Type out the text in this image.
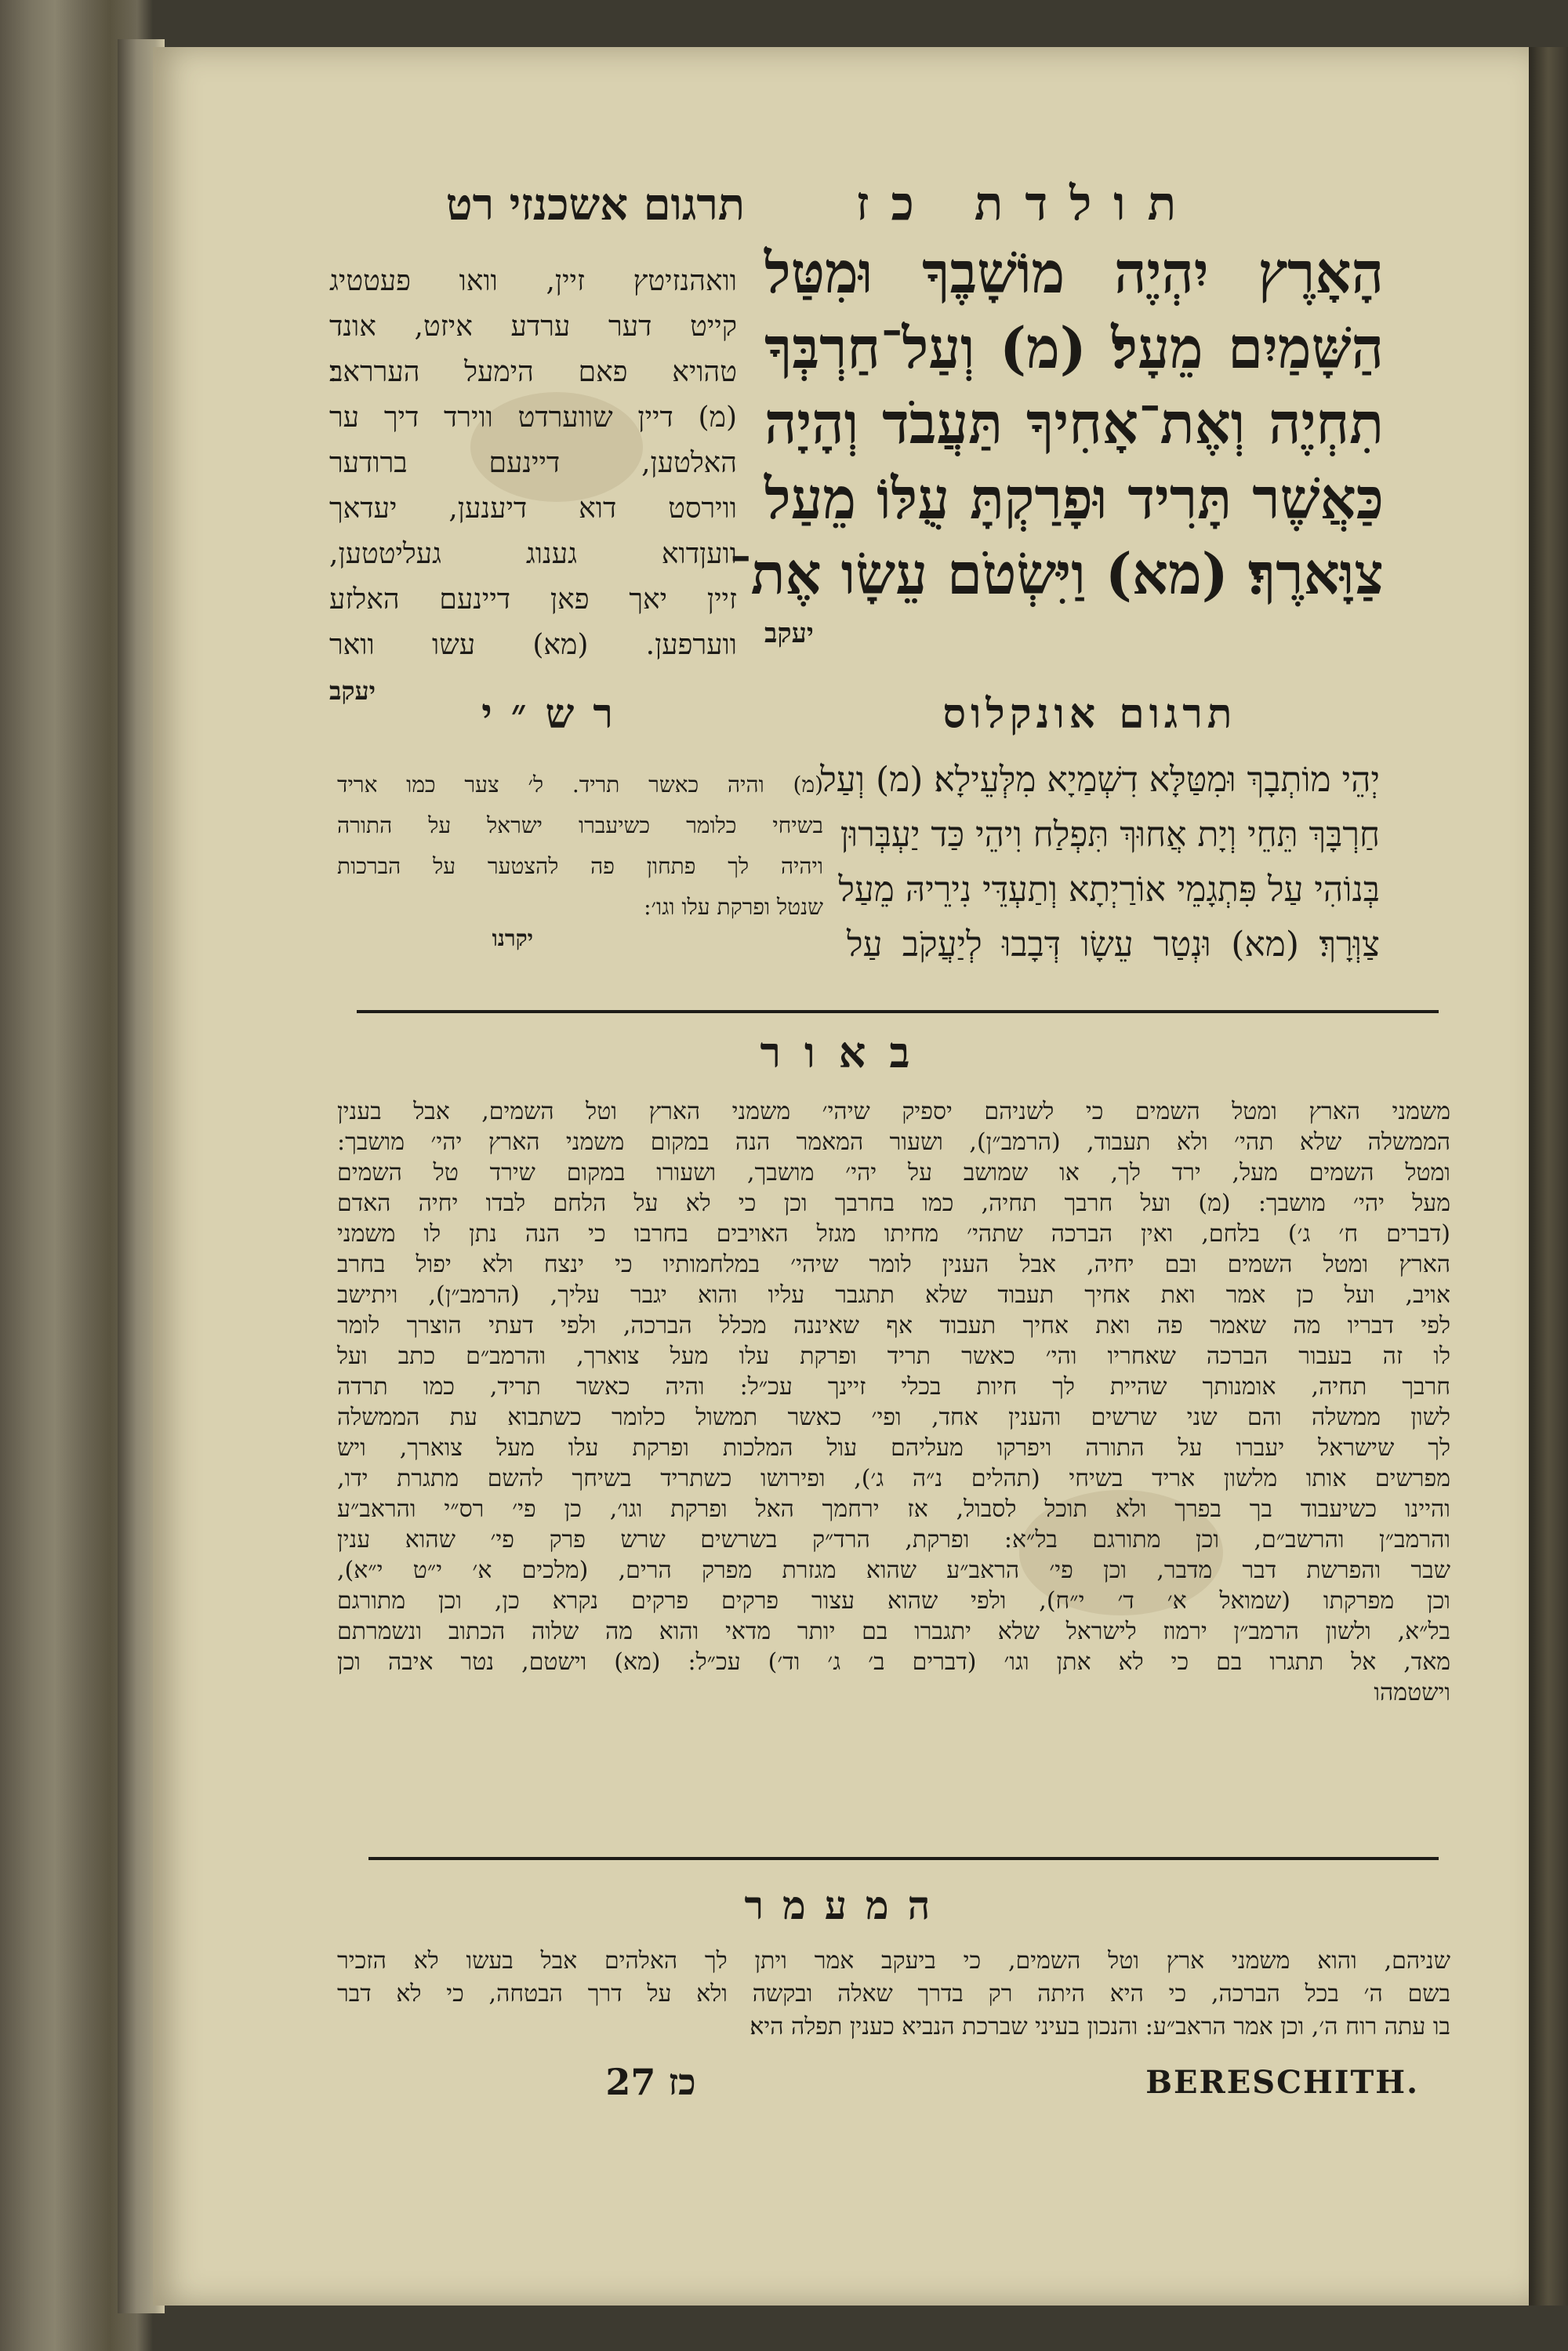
תולדת כז
תרגום אשכנזי רט
הָאָרֶץ יִהְיֶה מוֹשָׁבֶךָ וּמִטַּל
הַשָּׁמַיִם מֵעָל׃ (מ) וְעַל־חַרְבְּךָ
תִחְיֶה וְאֶת־אָחִיךָ תַּעֲבֹד וְהָיָה
כַּאֲשֶׁר תָּרִיד וּפָרַקְתָּ עֻלּוֹ מֵעַל
צַוָּארֶךָ׃ (מא) וַיִּשְׂטֹם עֵשָׂו אֶת־
יעקב
וואהנזיטץ זיין, וואו פעטטיג
קייט דער ערדע איזט, אונד
טהויא פאם הימעל הערראב׃
(מ) דיין שווערדט ווירד דיך ער
האלטען, דיינעם ברודער
ווירסט דוא דיענען, יעדאך
וועןדוא גענוג געליטטען,
זיין יאך פאן דיינעם האלזע
ווערפען. (מא) עשו וואר
יעקב	תרגום אונקלוס
רש״י
יְהֵי מוֹתְבָךְ וּמִטַּלָּא דִשְׁמַיָא מִלְּעֵילָא׃ (מ) וְעַל
חַרְבָּךְ תֵּחֵי וְיָת אֲחוּךְ תִּפְלַח וִיהֵי כַּד יַעְבְּרוּן
בְּנוֹהִי עַל פִּתְגָמֵי אוֹרַיְתָא וְתַעְדֵּי נִירֵיהּ מֵעַל
צַוְּרָךְ׃ (מא) וּנְטַר עֵשָׂו דְּבָבוּ לְיַעֲקֹב עַל
(מ) והיה כאשר תריד. ל׳ צער כמו אריד
בשיחי כלומר כשיעברו ישראל על התורה
ויהיה לך פתחון פה להצטער על הברכות
שנטל ופרקת עלו וגו׳:
יקרנו
באור
משמני הארץ ומטל השמים כי לשניהם יספיק שיהי׳ משמני הארץ וטל השמים, אבל בענין
הממשלה שלא תהי׳ ולא תעבוד, (הרמב״ן), ושעור המאמר הנה במקום משמני הארץ יהי׳ מושבך:
ומטל השמים מעל, ירד לך, או שמושב על יהי׳ מושבך, ושעורו במקום שירד טל השמים
מעל יהי׳ מושבך: (מ) ועל חרבך תחיה, כמו בחרבך וכן כי לא על הלחם לבדו יחיה האדם
(דברים ח׳ ג׳) בלחם, ואין הברכה שתהי׳ מחיתו מגזל האויבים בחרבו כי הנה נתן לו משמני
הארץ ומטל השמים ובם יחיה, אבל הענין לומר שיהי׳ במלחמותיו כי ינצח ולא יפול בחרב
אויב, ועל כן אמר ואת אחיך תעבוד שלא תתגבר עליו והוא יגבר עליך, (הרמב״ן), ויתישב
לפי דבריו מה שאמר פה ואת אחיך תעבוד אף שאיננה מכלל הברכה, ולפי דעתי הוצרך לומר
לו זה בעבור הברכה שאחריו והי׳ כאשר תריד ופרקת עלו מעל צוארך, והרמב״ם כתב ועל
חרבך תחיה, אומנותך שהיית לך חיות בכלי זיינך עכ״ל: והיה כאשר תריד, כמו תרדה
לשון ממשלה והם שני שרשים והענין אחד, ופי׳ כאשר תמשול כלומר כשתבוא עת הממשלה
לך שישראל יעברו על התורה ויפרקו מעליהם עול המלכות ופרקת עלו מעל צוארך, ויש
מפרשים אותו מלשון אריד בשיחי (תהלים נ״ה ג׳), ופירושו כשתריד בשיחך להשם מתגרת ידו,
והיינו כשיעבוד בך בפרך ולא תוכל לסבול, אז ירחמך האל ופרקת וגו׳, כן פי׳ רס״י והראב״ע
והרמב״ן והרשב״ם, וכן מתורגם בל״א: ופרקת, הרד״ק בשרשים שרש פרק פי׳ שהוא ענין
שבר והפרשת דבר מדבר, וכן פי׳ הראב״ע שהוא מגזרת מפרק הרים, (מלכים א׳ י״ט י״א),
וכן מפרקתו (שמואל א׳ ד׳ י״ח), ולפי שהוא עצור פרקים פרקים נקרא כן, וכן מתורגם
בל״א, ולשון הרמב״ן ירמוז לישראל שלא יתגברו בם יותר מדאי והוא מה שלוה הכתוב ונשמרתם
מאד, אל תתגרו בם כי לא אתן וגו׳ (דברים ב׳ ג׳ וד׳) עכ״ל: (מא) וישטם, נטר איבה וכן
וישטמהו
המעמר
שניהם, והוא משמני ארץ וטל השמים, כי ביעקב אמר ויתן לך האלהים אבל בעשו לא הזכיר
בשם ה׳ בכל הברכה, כי היא היתה רק בדרך שאלה ובקשה ולא על דרך הבטחה, כי לא דבר
בו עתה רוח ה׳, וכן אמר הראב״ע: והנכון בעיני שברכת הנביא כענין תפלה היא׃
כז 27	BERESCHITH.
